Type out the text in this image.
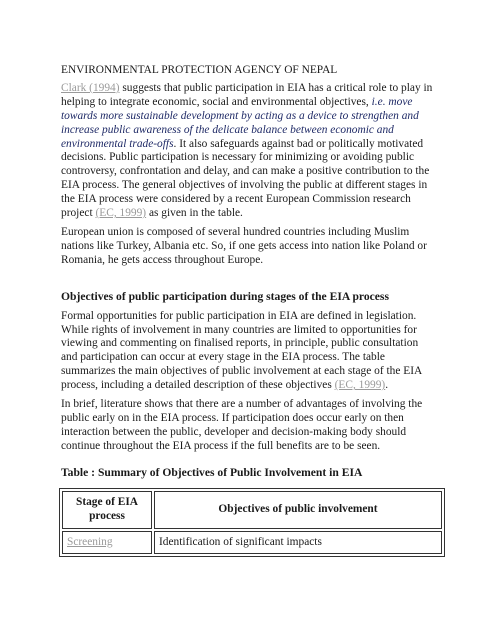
ENVIRONMENTAL PROTECTION AGENCY OF NEPAL

Clark (1994) suggests that public participation in EIA has a critical role to play in helping to integrate economic, social and environmental objectives, i.e. move towards more sustainable development by acting as a device to strengthen and increase public awareness of the delicate balance between economic and environmental trade-offs. It also safeguards against bad or politically motivated decisions. Public participation is necessary for minimizing or avoiding public controversy, confrontation and delay, and can make a positive contribution to the EIA process. The general objectives of involving the public at different stages in the EIA process were considered by a recent European Commission research project (EC, 1999) as given in the table.

European union is composed of several hundred countries including Muslim nations like Turkey, Albania etc. So, if one gets access into nation like Poland or Romania, he gets access throughout Europe.

Objectives of public participation during stages of the EIA process

Formal opportunities for public participation in EIA are defined in legislation. While rights of involvement in many countries are limited to opportunities for viewing and commenting on finalised reports, in principle, public consultation and participation can occur at every stage in the EIA process. The table summarizes the main objectives of public involvement at each stage of the EIA process, including a detailed description of these objectives (EC, 1999).

In brief, literature shows that there are a number of advantages of involving the public early on in the EIA process. If participation does occur early on then interaction between the public, developer and decision-making body should continue throughout the EIA process if the full benefits are to be seen.

Table : Summary of Objectives of Public Involvement in EIA
Stage of EIA process	Objectives of public involvement
Screening	Identification of significant impacts
